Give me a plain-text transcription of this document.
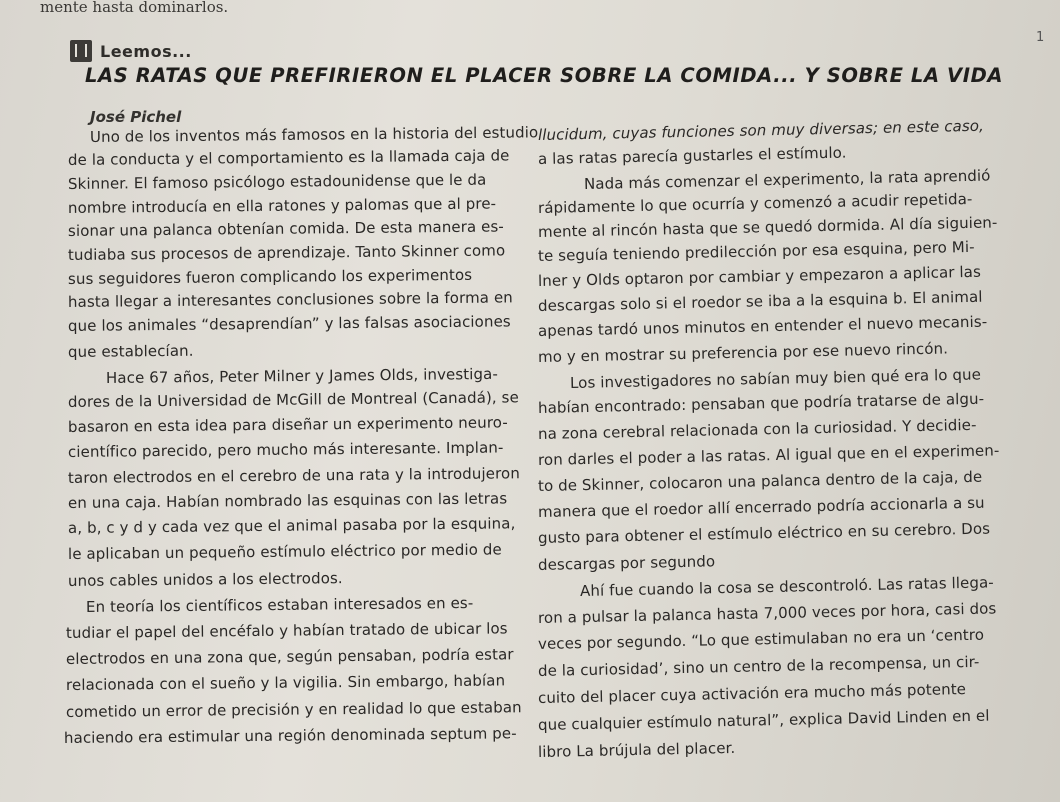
mente hasta dominarlos.
1
Leemos...
LAS RATAS QUE PREFIRIERON EL PLACER SOBRE LA COMIDA... Y SOBRE LA VIDA
José Pichel
Uno de los inventos más famosos en la historia del estudio
de la conducta y el comportamiento es la llamada caja de
Skinner. El famoso psicólogo estadounidense que le da
nombre introducía en ella ratones y palomas que al pre-
sionar una palanca obtenían comida. De esta manera es-
tudiaba sus procesos de aprendizaje. Tanto Skinner como
sus seguidores fueron complicando los experimentos
hasta llegar a interesantes conclusiones sobre la forma en
que los animales “desaprendían” y las falsas asociaciones
que establecían.
Hace 67 años, Peter Milner y James Olds, investiga-
dores de la Universidad de McGill de Montreal (Canadá), se
basaron en esta idea para diseñar un experimento neuro-
científico parecido, pero mucho más interesante. Implan-
taron electrodos en el cerebro de una rata y la introdujeron
en una caja. Habían nombrado las esquinas con las letras
a, b, c y d y cada vez que el animal pasaba por la esquina,
le aplicaban un pequeño estímulo eléctrico por medio de
unos cables unidos a los electrodos.
En teoría los científicos estaban interesados en es-
tudiar el papel del encéfalo y habían tratado de ubicar los
electrodos en una zona que, según pensaban, podría estar
relacionada con el sueño y la vigilia. Sin embargo, habían
cometido un error de precisión y en realidad lo que estaban
haciendo era estimular una región denominada septum pe-
llucidum, cuyas funciones son muy diversas; en este caso,
a las ratas parecía gustarles el estímulo.
Nada más comenzar el experimento, la rata aprendió
rápidamente lo que ocurría y comenzó a acudir repetida-
mente al rincón hasta que se quedó dormida. Al día siguien-
te seguía teniendo predilección por esa esquina, pero Mi-
lner y Olds optaron por cambiar y empezaron a aplicar las
descargas solo si el roedor se iba a la esquina b. El animal
apenas tardó unos minutos en entender el nuevo mecanis-
mo y en mostrar su preferencia por ese nuevo rincón.
Los investigadores no sabían muy bien qué era lo que
habían encontrado: pensaban que podría tratarse de algu-
na zona cerebral relacionada con la curiosidad. Y decidie-
ron darles el poder a las ratas. Al igual que en el experimen-
to de Skinner, colocaron una palanca dentro de la caja, de
manera que el roedor allí encerrado podría accionarla a su
gusto para obtener el estímulo eléctrico en su cerebro. Dos
descargas por segundo
Ahí fue cuando la cosa se descontroló. Las ratas llega-
ron a pulsar la palanca hasta 7,000 veces por hora, casi dos
veces por segundo. “Lo que estimulaban no era un ‘centro
de la curiosidad’, sino un centro de la recompensa, un cir-
cuito del placer cuya activación era mucho más potente
que cualquier estímulo natural”, explica David Linden en el
libro La brújula del placer.
